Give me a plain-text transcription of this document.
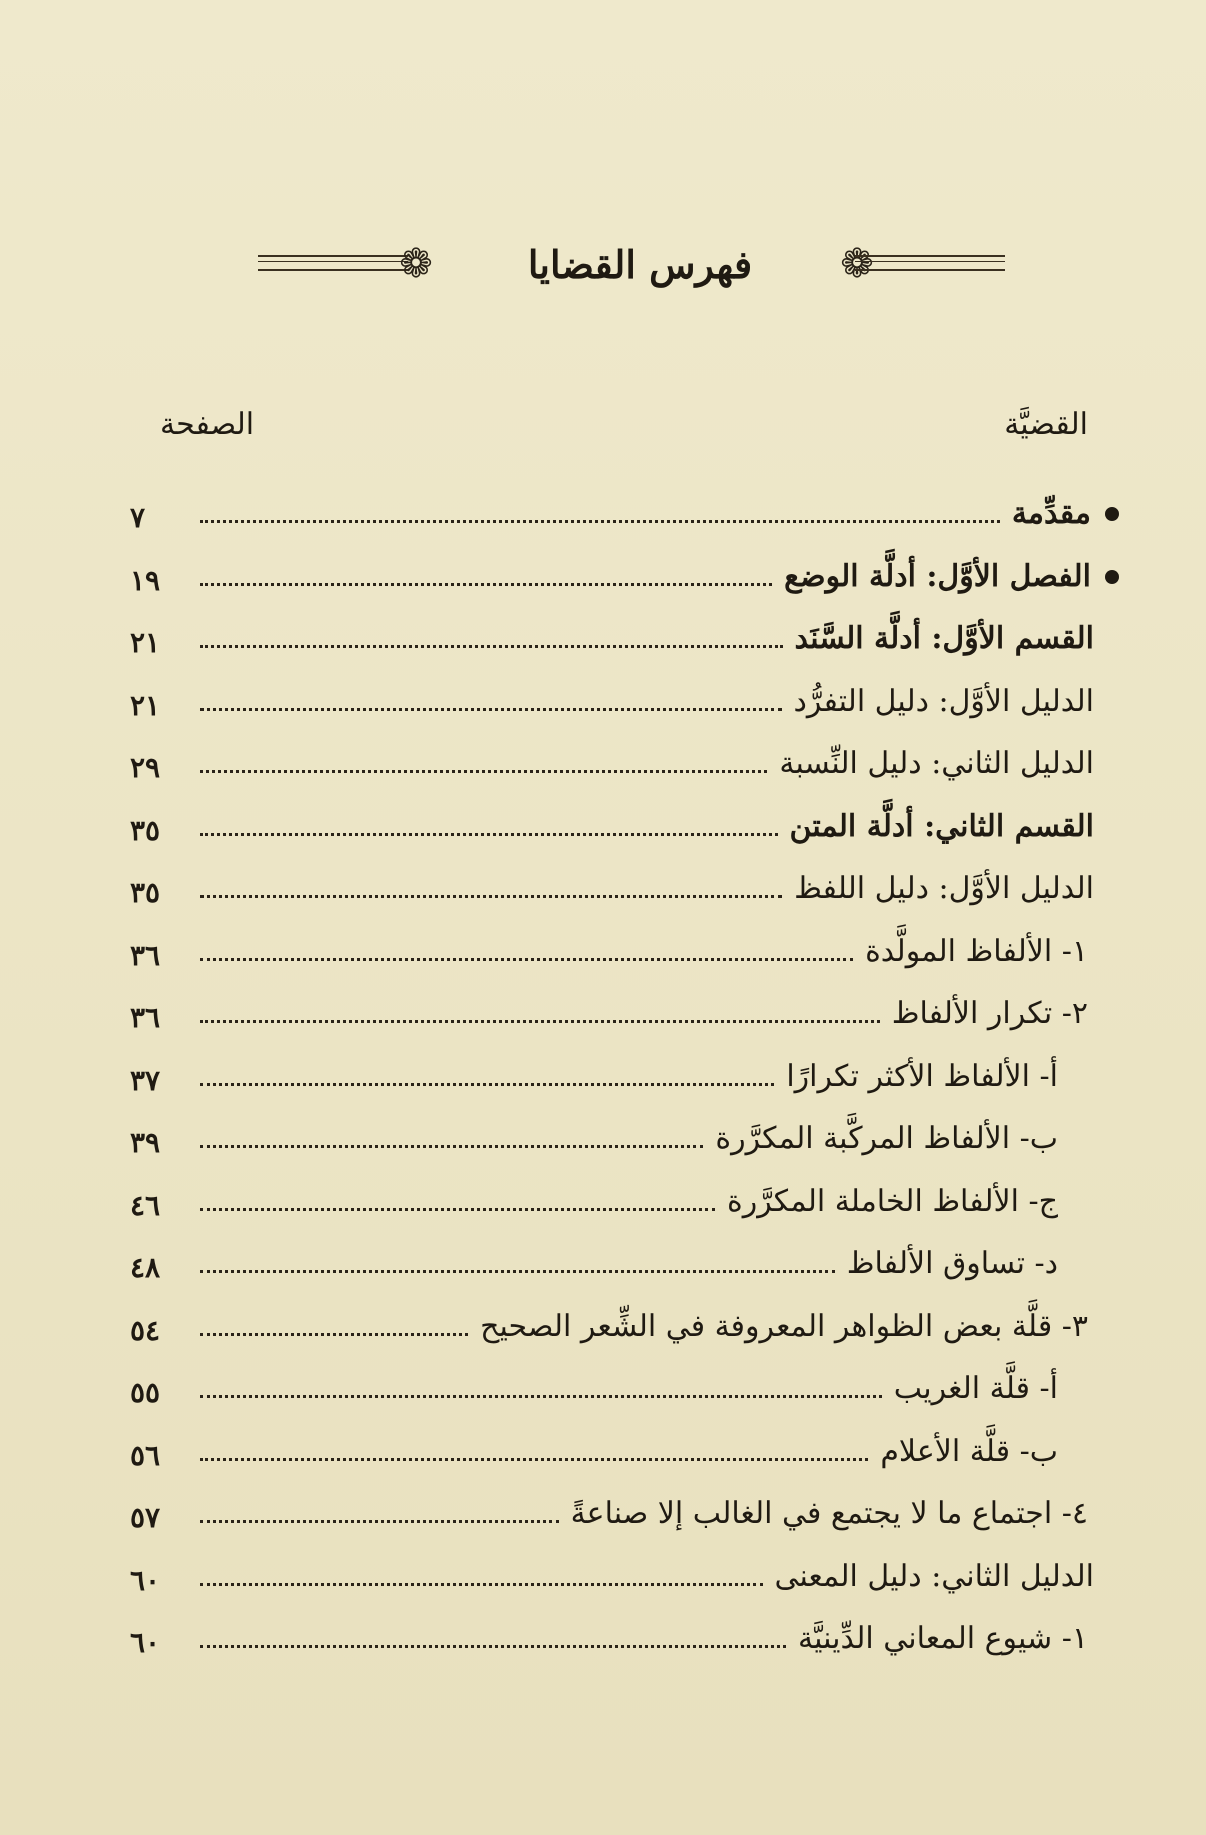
❁	فهرس القضايا ❁
القضيَّة
الصفحة
مقدِّمة
٧
الفصل الأوَّل: أدلَّة الوضع
١٩
القسم الأوَّل: أدلَّة السَّنَد
٢١
الدليل الأوَّل: دليل التفرُّد
٢١
الدليل الثاني: دليل النِّسبة
٢٩
القسم الثاني: أدلَّة المتن
٣٥
الدليل الأوَّل: دليل اللفظ
٣٥
١- الألفاظ المولَّدة
٣٦
٢- تكرار الألفاظ
٣٦
أ- الألفاظ الأكثر تكرارًا
٣٧
ب- الألفاظ المركَّبة المكرَّرة
٣٩
ج- الألفاظ الخاملة المكرَّرة
٤٦
د- تساوق الألفاظ
٤٨
٣- قلَّة بعض الظواهر المعروفة في الشِّعر الصحيح
٥٤
أ- قلَّة الغريب
٥٥
ب- قلَّة الأعلام
٥٦
٤- اجتماع ما لا يجتمع في الغالب إلا صناعةً
٥٧
الدليل الثاني: دليل المعنى
٦٠
١- شيوع المعاني الدِّينيَّة
٦٠
